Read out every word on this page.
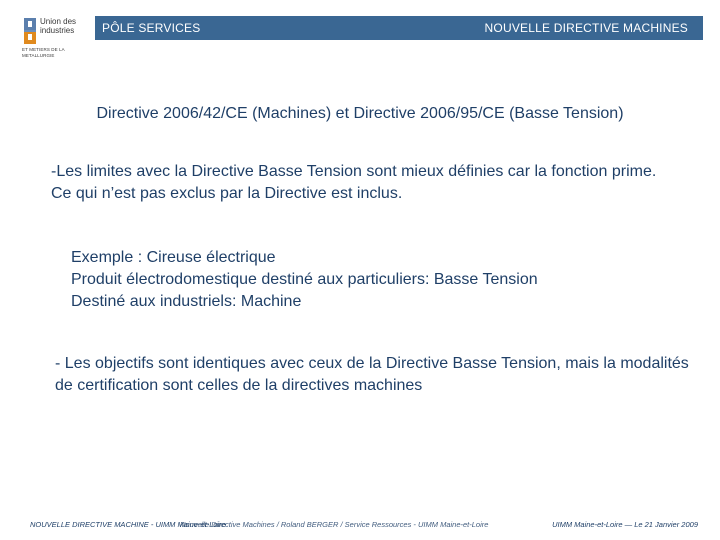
Union des industries
ET METIERS DE LA METALLURGIE
PÔLE SERVICES	NOUVELLE DIRECTIVE MACHINES
Directive 2006/42/CE (Machines) et Directive 2006/95/CE (Basse Tension)
-Les limites avec la Directive Basse Tension sont mieux définies car la fonction prime.
Ce qui n’est pas exclus par la Directive est inclus.
Exemple : Cireuse électrique
Produit électrodomestique destiné aux particuliers: Basse Tension
Destiné aux industriels: Machine
- Les objectifs sont identiques avec ceux de la Directive Basse Tension, mais la modalités de certification sont celles de la directives machines
NOUVELLE DIRECTIVE MACHINE - UIMM Maine-et-Loire
Nouvelle Directive Machines / Roland BERGER / Service Ressources - UIMM Maine-et-Loire	UIMM Maine-et-Loire — Le 21 Janvier 2009
